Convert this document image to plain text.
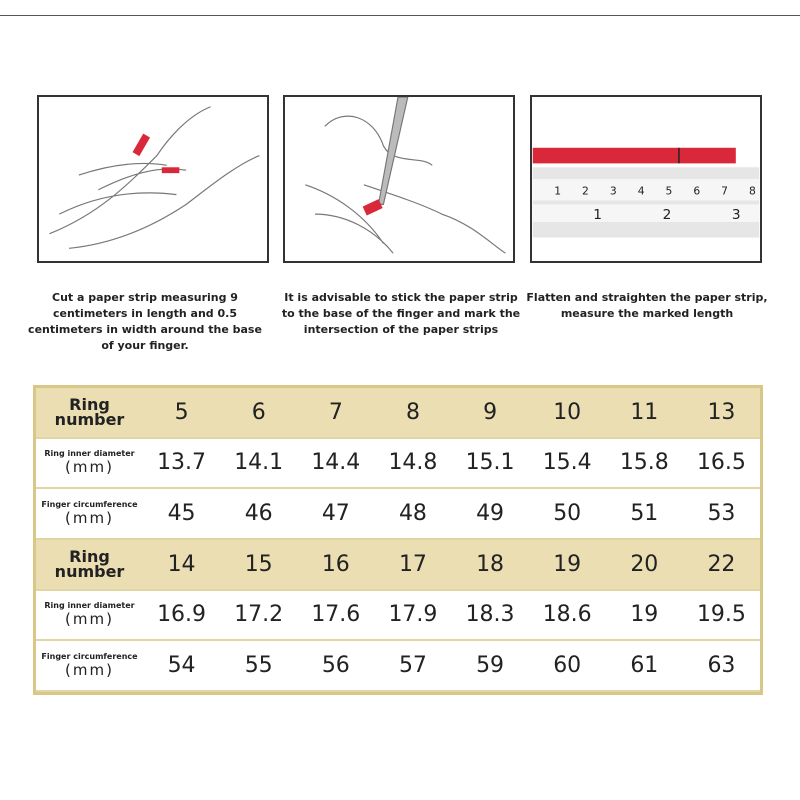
1 2 3 4 5 6 7 8
1	2	3
Cut a paper strip measuring 9 centimeters in length and 0.5 centimeters in width around the base of your finger.
It is advisable to stick the paper strip to the base of the finger and mark the intersection of the paper strips
Flatten and straighten the paper strip, measure the marked length
Ring number	5	6	7	8	9	10	11	13
Ring inner diameter
(mm)	13.7	14.1	14.4	14.8	15.1	15.4	15.8	16.5
Finger circumference
(mm)	45	46	47	48	49	50	51	53
Ring number	14	15	16	17	18	19	20	22
Ring inner diameter
(mm)	16.9	17.2	17.6	17.9	18.3	18.6	19	19.5
Finger circumference
(mm)	54	55	56	57	59	60	61	63
